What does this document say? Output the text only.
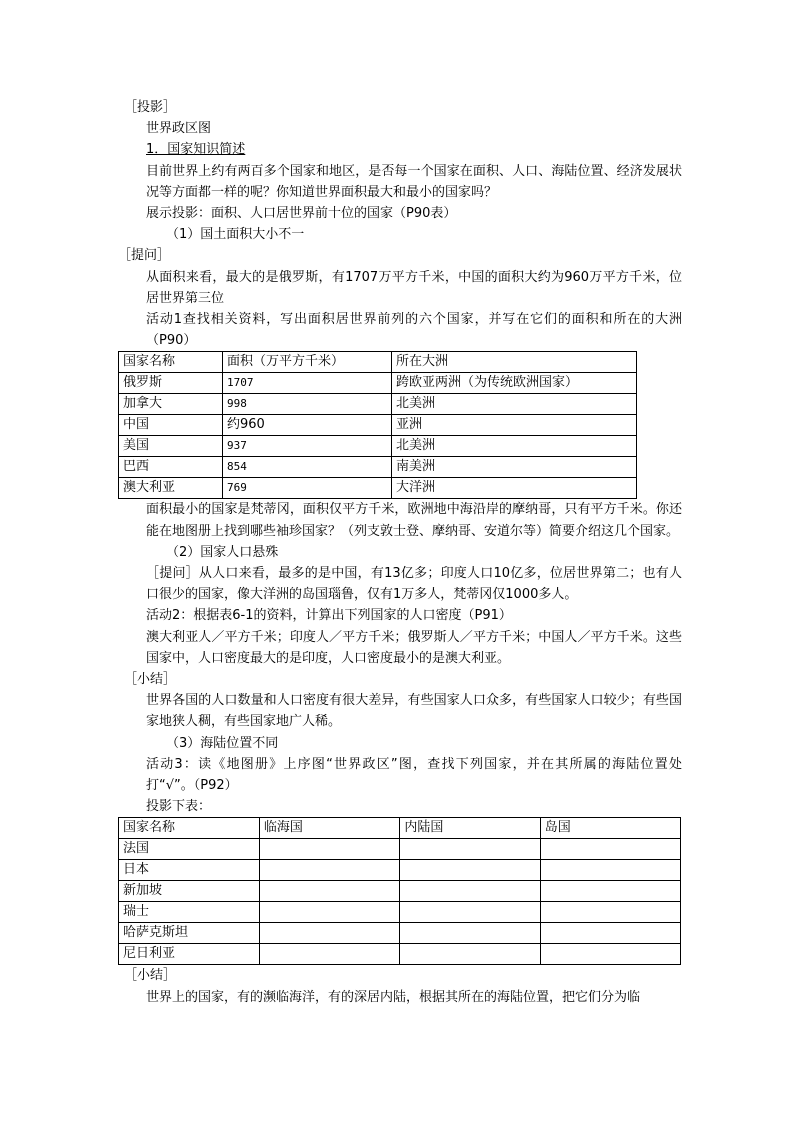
［投影］

世界政区图

1．国家知识简述

目前世界上约有两百多个国家和地区，是否每一个国家在面积、人口、海陆位置、经济发展状况等方面都一样的呢？你知道世界面积最大和最小的国家吗？

展示投影：面积、人口居世界前十位的国家（P90表）

（1）国土面积大小不一

［提问］

从面积来看，最大的是俄罗斯，有1707万平方千米，中国的面积大约为960万平方千米，位居世界第三位

活动1查找相关资料，写出面积居世界前列的六个国家，并写在它们的面积和所在的大洲（P90）

国家名称	面积（万平方千米）	所在大洲
俄罗斯	1707	跨欧亚两洲（为传统欧洲国家）
加拿大	998	北美洲
中国	约960	亚洲
美国	937	北美洲
巴西	854	南美洲
澳大利亚	769	大洋洲

面积最小的国家是梵蒂冈，面积仅平方千米，欧洲地中海沿岸的摩纳哥，只有平方千米。你还能在地图册上找到哪些袖珍国家？（列支敦士登、摩纳哥、安道尔等）简要介绍这几个国家。

（2）国家人口悬殊

［提问］从人口来看，最多的是中国，有13亿多；印度人口10亿多，位居世界第二；也有人口很少的国家，像大洋洲的岛国瑙鲁，仅有1万多人，梵蒂冈仅1000多人。

活动2：根据表6-1的资料，计算出下列国家的人口密度（P91）

澳大利亚人／平方千米；印度人／平方千米；俄罗斯人／平方千米；中国人／平方千米。这些国家中，人口密度最大的是印度，人口密度最小的是澳大利亚。

［小结］

世界各国的人口数量和人口密度有很大差异，有些国家人口众多，有些国家人口较少；有些国家地狭人稠，有些国家地广人稀。

（3）海陆位置不同

活动3：读《地图册》上序图“世界政区”图，查找下列国家，并在其所属的海陆位置处打“√”。（P92）

投影下表：

国家名称	临海国	内陆国	岛国
法国			
日本			
新加坡			
瑞士			
哈萨克斯坦			
尼日利亚			

［小结］

世界上的国家，有的濒临海洋，有的深居内陆，根据其所在的海陆位置，把它们分为临
